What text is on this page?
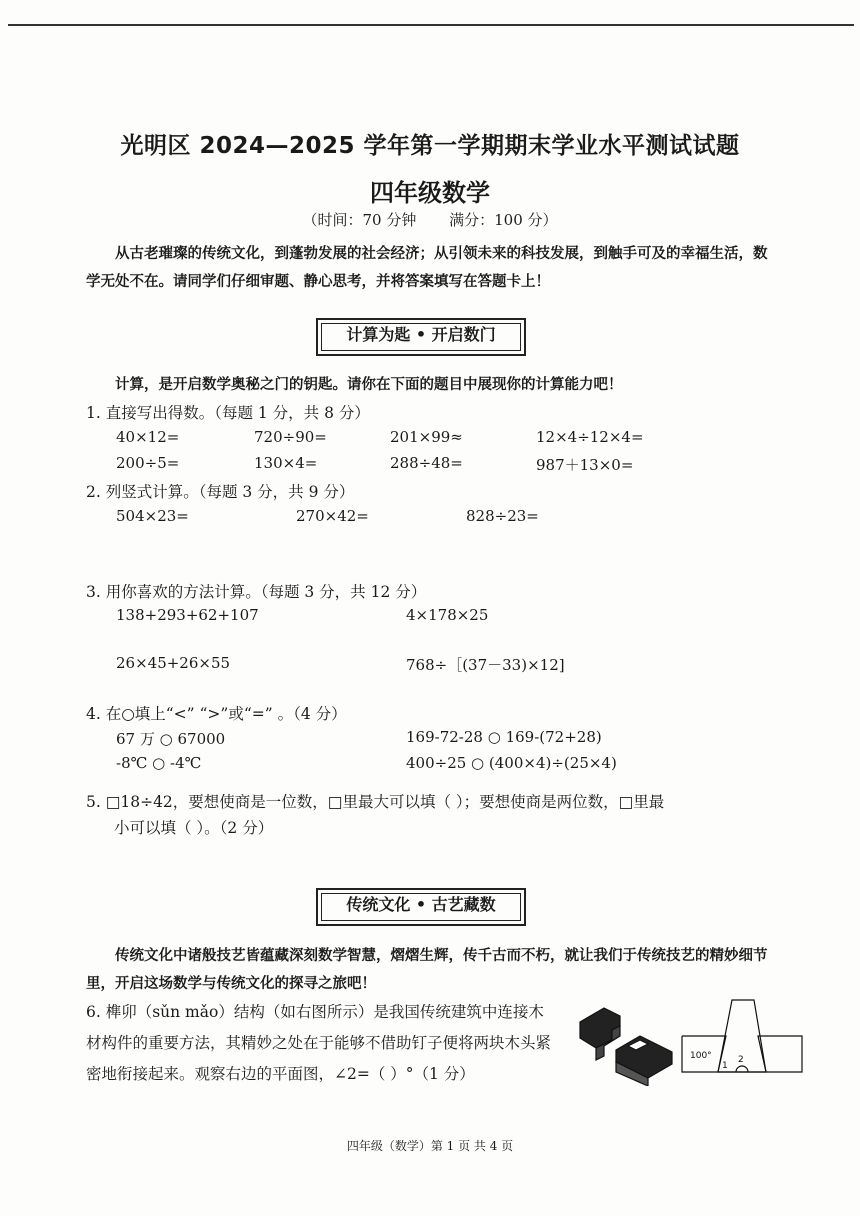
光明区 2024—2025 学年第一学期期末学业水平测试试题
四年级数学
（时间：70 分钟 满分：100 分）
从古老璀璨的传统文化，到蓬勃发展的社会经济；从引领未来的科技发展，到触手可及的幸福生活，数学无处不在。请同学们仔细审题、静心思考，并将答案填写在答题卡上！
计算为匙 • 开启数门
计算，是开启数学奥秘之门的钥匙。请你在下面的题目中展现你的计算能力吧！
1. 直接写出得数。（每题 1 分，共 8 分）
40×12=	720÷90=	201×99≈	12×4÷12×4=
200÷5=	130×4=	288÷48=	987＋13×0=
2. 列竖式计算。（每题 3 分，共 9 分）
504×23=	270×42=	828÷23=
3. 用你喜欢的方法计算。（每题 3 分，共 12 分）
138+293+62+107	4×178×25
26×45+26×55	768÷［(37－33)×12]
4. 在○填上“<” “>”或“=” 。（4 分）
67 万 ○ 67000	169-72-28 ○ 169-(72+28)
-8℃ ○ -4℃	400÷25 ○ (400×4)÷(25×4)
5. □18÷42，要想使商是一位数，□里最大可以填（ ）；要想使商是两位数，□里最
小可以填（ ）。（2 分）
传统文化 • 古艺藏数
传统文化中诸般技艺皆蕴藏深刻数学智慧，熠熠生辉，传千古而不朽，就让我们于传统技艺的精妙细节里，开启这场数学与传统文化的探寻之旅吧！
6. 榫卯（sǔn mǎo）结构（如右图所示）是我国传统建筑中连接木材构件的重要方法，其精妙之处在于能够不借助钉子便将两块木头紧密地衔接起来。观察右边的平面图，∠2=（ ）°（1 分）
100°
1
2
四年级（数学）第 1 页 共 4 页
